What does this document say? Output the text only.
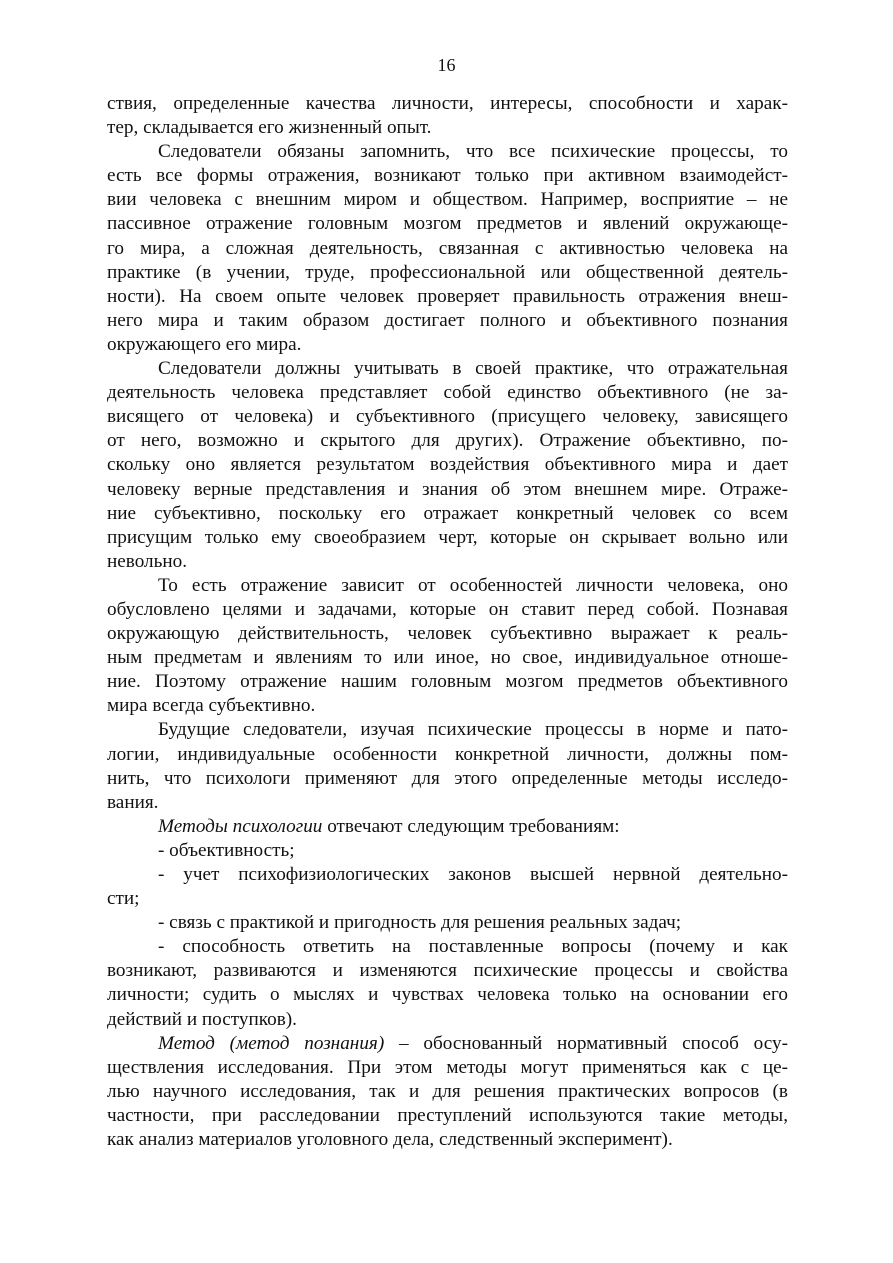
16

ствия, определенные качества личности, интересы, способности и харак-

тер, складывается его жизненный опыт.

Следователи обязаны запомнить, что все психические процессы, то

есть все формы отражения, возникают только при активном взаимодейст-

вии человека с внешним миром и обществом. Например, восприятие – не

пассивное отражение головным мозгом предметов и явлений окружающе-

го мира, а сложная деятельность, связанная с активностью человека на

практике (в учении, труде, профессиональной или общественной деятель-

ности). На своем опыте человек проверяет правильность отражения внеш-

него мира и таким образом достигает полного и объективного познания

окружающего его мира.

Следователи должны учитывать в своей практике, что отражательная

деятельность человека представляет собой единство объективного (не за-

висящего от человека) и субъективного (присущего человеку, зависящего

от него, возможно и скрытого для других). Отражение объективно, по-

скольку оно является результатом воздействия объективного мира и дает

человеку верные представления и знания об этом внешнем мире. Отраже-

ние субъективно, поскольку его отражает конкретный человек со всем

присущим только ему своеобразием черт, которые он скрывает вольно или

невольно.

То есть отражение зависит от особенностей личности человека, оно

обусловлено целями и задачами, которые он ставит перед собой. Познавая

окружающую действительность, человек субъективно выражает к реаль-

ным предметам и явлениям то или иное, но свое, индивидуальное отноше-

ние. Поэтому отражение нашим головным мозгом предметов объективного

мира всегда субъективно.

Будущие следователи, изучая психические процессы в норме и пато-

логии, индивидуальные особенности конкретной личности, должны пом-

нить, что психологи применяют для этого определенные методы исследо-

вания.

Методы психологии отвечают следующим требованиям:

- объективность;

- учет психофизиологических законов высшей нервной деятельно-

сти;

- связь с практикой и пригодность для решения реальных задач;

- способность ответить на поставленные вопросы (почему и как

возникают, развиваются и изменяются психические процессы и свойства

личности; судить о мыслях и чувствах человека только на основании его

действий и поступков).

Метод (метод познания) – обоснованный нормативный способ осу-

ществления исследования. При этом методы могут применяться как с це-

лью научного исследования, так и для решения практических вопросов (в

частности, при расследовании преступлений используются такие методы,

как анализ материалов уголовного дела, следственный эксперимент).
